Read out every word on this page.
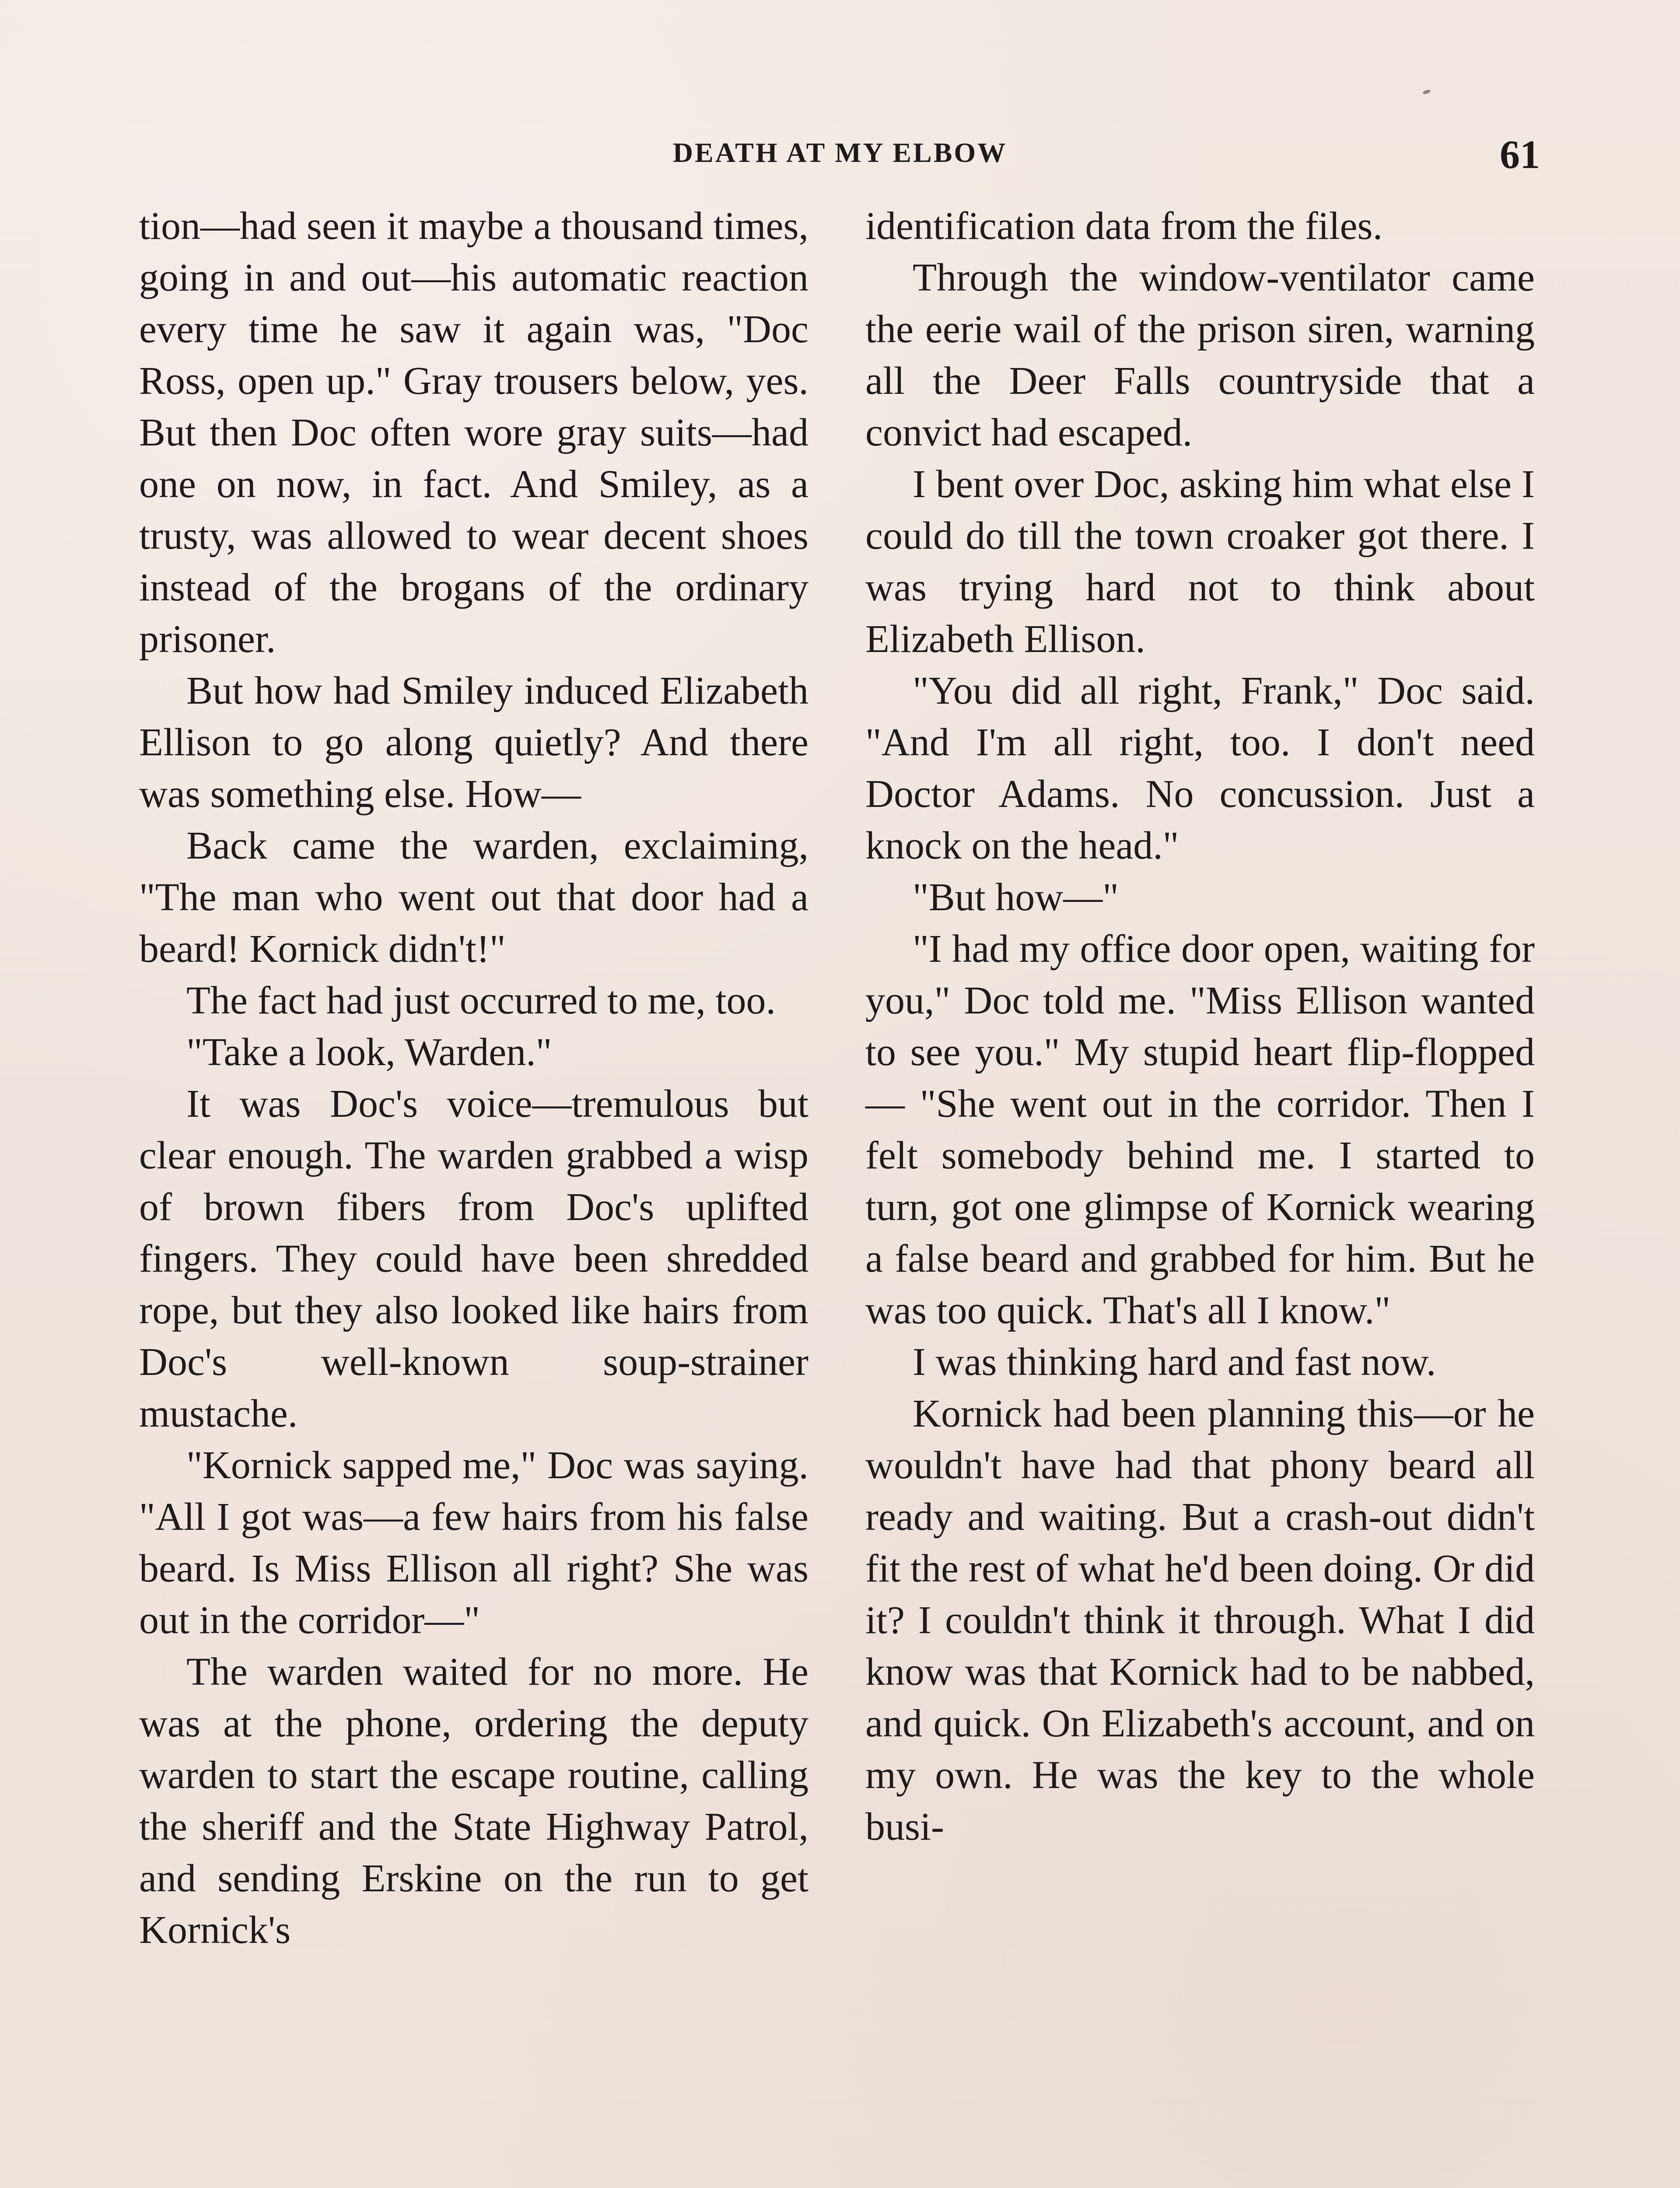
DEATH AT MY ELBOW	61

tion—had seen it maybe a thousand times, going in and out—his automatic reaction every time he saw it again was, "Doc Ross, open up." Gray trousers below, yes. But then Doc often wore gray suits—had one on now, in fact. And Smiley, as a trusty, was allowed to wear decent shoes instead of the brogans of the ordinary prisoner.

But how had Smiley induced Elizabeth Ellison to go along quietly? And there was something else. How—

Back came the warden, exclaiming, "The man who went out that door had a beard! Kornick didn't!"

The fact had just occurred to me, too.

"Take a look, Warden."

It was Doc's voice—tremulous but clear enough. The warden grabbed a wisp of brown fibers from Doc's uplifted fingers. They could have been shredded rope, but they also looked like hairs from Doc's well-known soup-strainer mustache.

"Kornick sapped me," Doc was saying. "All I got was—a few hairs from his false beard. Is Miss Ellison all right? She was out in the corridor—"

The warden waited for no more. He was at the phone, ordering the deputy warden to start the escape routine, calling the sheriff and the State Highway Patrol, and sending Erskine on the run to get Kornick's

identification data from the files.

Through the window-ventilator came the eerie wail of the prison siren, warning all the Deer Falls countryside that a convict had escaped.

I bent over Doc, asking him what else I could do till the town croaker got there. I was trying hard not to think about Elizabeth Ellison.

"You did all right, Frank," Doc said. "And I'm all right, too. I don't need Doctor Adams. No concussion. Just a knock on the head."

"But how—"

"I had my office door open, waiting for you," Doc told me. "Miss Ellison wanted to see you." My stupid heart flip-flopped— "She went out in the corridor. Then I felt somebody behind me. I started to turn, got one glimpse of Kornick wearing a false beard and grabbed for him. But he was too quick. That's all I know."

I was thinking hard and fast now.

Kornick had been planning this—or he wouldn't have had that phony beard all ready and waiting. But a crash-out didn't fit the rest of what he'd been doing. Or did it? I couldn't think it through. What I did know was that Kornick had to be nabbed, and quick. On Elizabeth's account, and on my own. He was the key to the whole busi-
